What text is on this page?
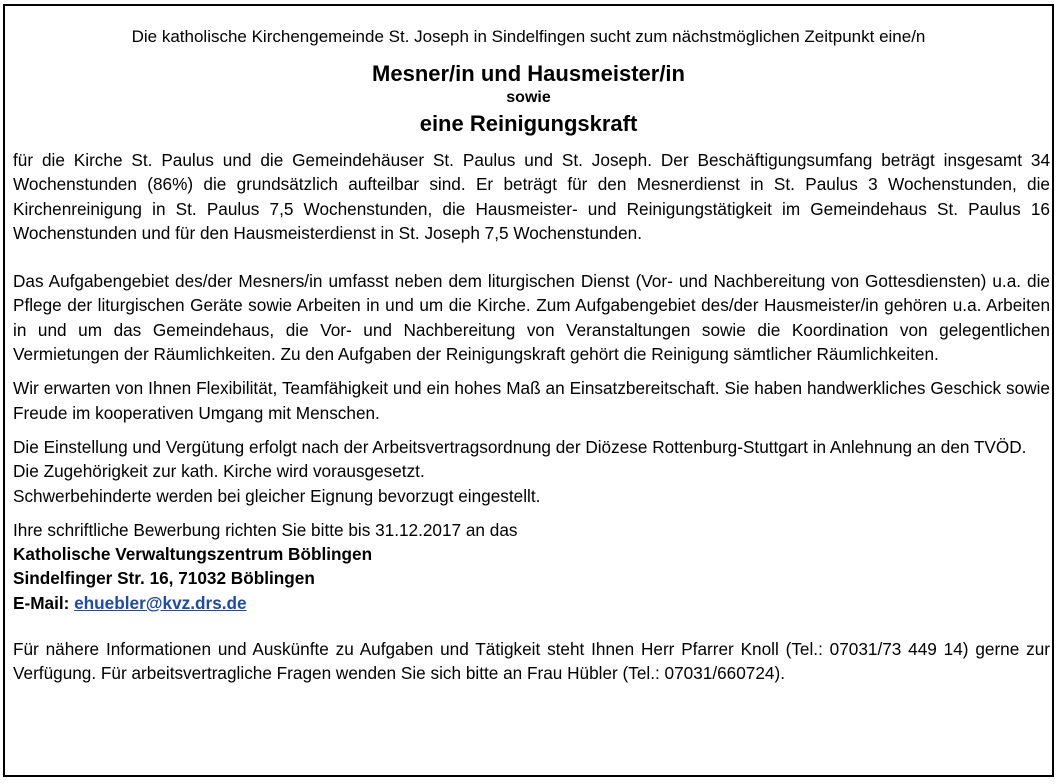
Die katholische Kirchengemeinde St. Joseph in Sindelfingen sucht zum nächstmöglichen Zeitpunkt eine/n
Mesner/in und Hausmeister/in
sowie
eine Reinigungskraft

für die Kirche St. Paulus und die Gemeindehäuser St. Paulus und St. Joseph. Der Beschäftigungsumfang beträgt insgesamt 34 Wochenstunden (86%) die grundsätzlich aufteilbar sind. Er beträgt für den Mesnerdienst in St. Paulus 3 Wochenstunden, die Kirchenreinigung in St. Paulus 7,5 Wochenstunden, die Hausmeister- und Reinigungstätigkeit im Gemeindehaus St. Paulus 16 Wochenstunden und für den Hausmeisterdienst in St. Joseph 7,5 Wochenstunden.

Das Aufgabengebiet des/der Mesners/in umfasst neben dem liturgischen Dienst (Vor- und Nachbereitung von Gottesdiensten) u.a. die Pflege der liturgischen Geräte sowie Arbeiten in und um die Kirche. Zum Aufgabengebiet des/der Hausmeister/in gehören u.a. Arbeiten in und um das Gemeindehaus, die Vor- und Nachbereitung von Veranstaltungen sowie die Koordination von gelegentlichen Vermietungen der Räumlichkeiten. Zu den Aufgaben der Reinigungskraft gehört die Reinigung sämtlicher Räumlichkeiten.

Wir erwarten von Ihnen Flexibilität, Teamfähigkeit und ein hohes Maß an Einsatzbereitschaft. Sie haben handwerkliches Geschick sowie Freude im kooperativen Umgang mit Menschen.

Die Einstellung und Vergütung erfolgt nach der Arbeitsvertragsordnung der Diözese Rottenburg-Stuttgart in Anlehnung an den TVÖD.

Die Zugehörigkeit zur kath. Kirche wird vorausgesetzt.
Schwerbehinderte werden bei gleicher Eignung bevorzugt eingestellt.
Ihre schriftliche Bewerbung richten Sie bitte bis 31.12.2017 an das
Katholische Verwaltungszentrum Böblingen
Sindelfinger Str. 16, 71032 Böblingen
E-Mail: ehuebler@kvz.drs.de

Für nähere Informationen und Auskünfte zu Aufgaben und Tätigkeit steht Ihnen Herr Pfarrer Knoll (Tel.: 07031/73 449 14) gerne zur Verfügung. Für arbeitsvertragliche Fragen wenden Sie sich bitte an Frau Hübler (Tel.: 07031/660724).
